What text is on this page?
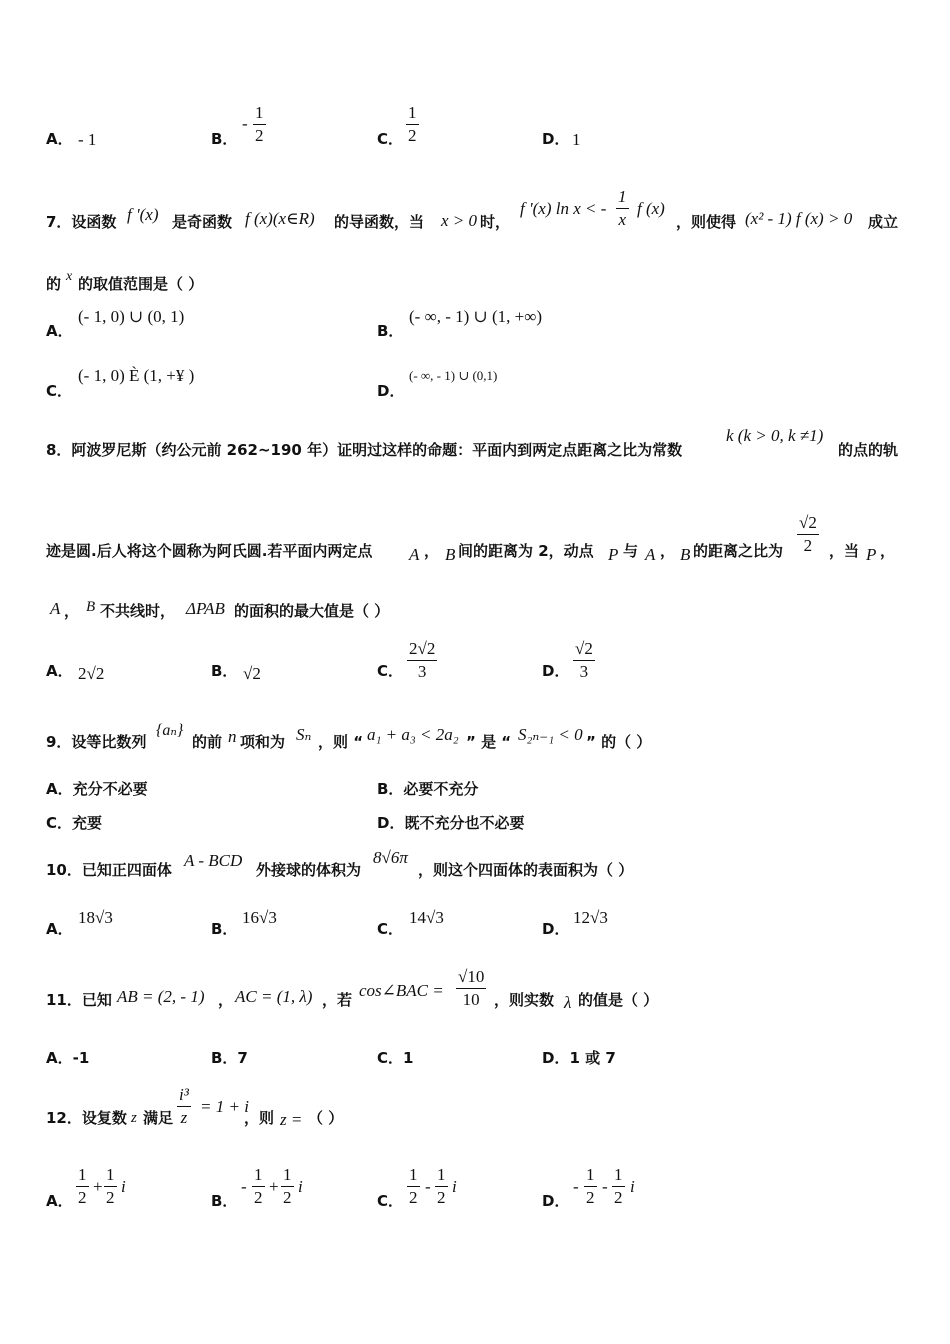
A． - 1	B．
- $\frac{1}{2}$	C． $\frac{1}{2}$	D． 1
7．设函数 f '(x) 是奇函数 f (x)(x∈R) 的导函数，当 x > 0 时，
f '(x) ln x < - $\frac{1}{x}$ f (x)
，则使得 (x² - 1) f (x) > 0 成立
的 x 的取值范围是（ ）
A．
(- 1, 0) ∪ (0, 1)
B．
(- ∞, - 1) ∪ (1, +∞)
C．
(- 1, 0) È (1, +¥ )
D．
(- ∞, - 1) ∪ (0,1)
8．阿波罗尼斯（约公元前 262~190 年）证明过这样的命题：平面内到两定点距离之比为常数
k (k > 0, k ≠1)
的点的轨
迹是圆.后人将这个圆称为阿氏圆.若平面内两定点 A ， B 间的距离为 2，动点 P 与 A ， B 的距离之比为 $\frac{√2}{2}$ ，当 P ，
A ， B 不共线时， ΔPAB 的面积的最大值是（ ）
A． 2√2	B． √2	C． $\frac{2√2}{3}$	D． $\frac{√2}{3}$
9．设等比数列
{aₙ}
的前 n 项和为 Sₙ ，则 “ a₁ + a₃ < 2a₂ ” 是 “ S₂ₙ₋₁ < 0 ” 的（ ）
A．充分不必要	B．必要不充分
C．充要	D．既不充分也不必要
10．已知正四面体 A - BCD 外接球的体积为
8√6π
，则这个四面体的表面积为（ ）
A．
18√3
B．
16√3
C．
14√3
D．
12√3
11．已知 AB = (2, - 1) ， AC = (1, λ) ，若 cos∠BAC = $\frac{√10}{10}$ ，则实数 λ 的值是（ ）
A．-1	B．7	C．1	D．1 或 7
12．设复数 z 满足 $\frac{\text{i³}}{z} = 1 + i$
，则 z = （ ）
A． $\frac{1}{2} + \frac{1}{2}$ i
B．
- $\frac{1}{2} + \frac{1}{2}$ i
C． $\frac{1}{2} - \frac{1}{2}$ i
D．
- $\frac{1}{2} - \frac{1}{2}$ i
